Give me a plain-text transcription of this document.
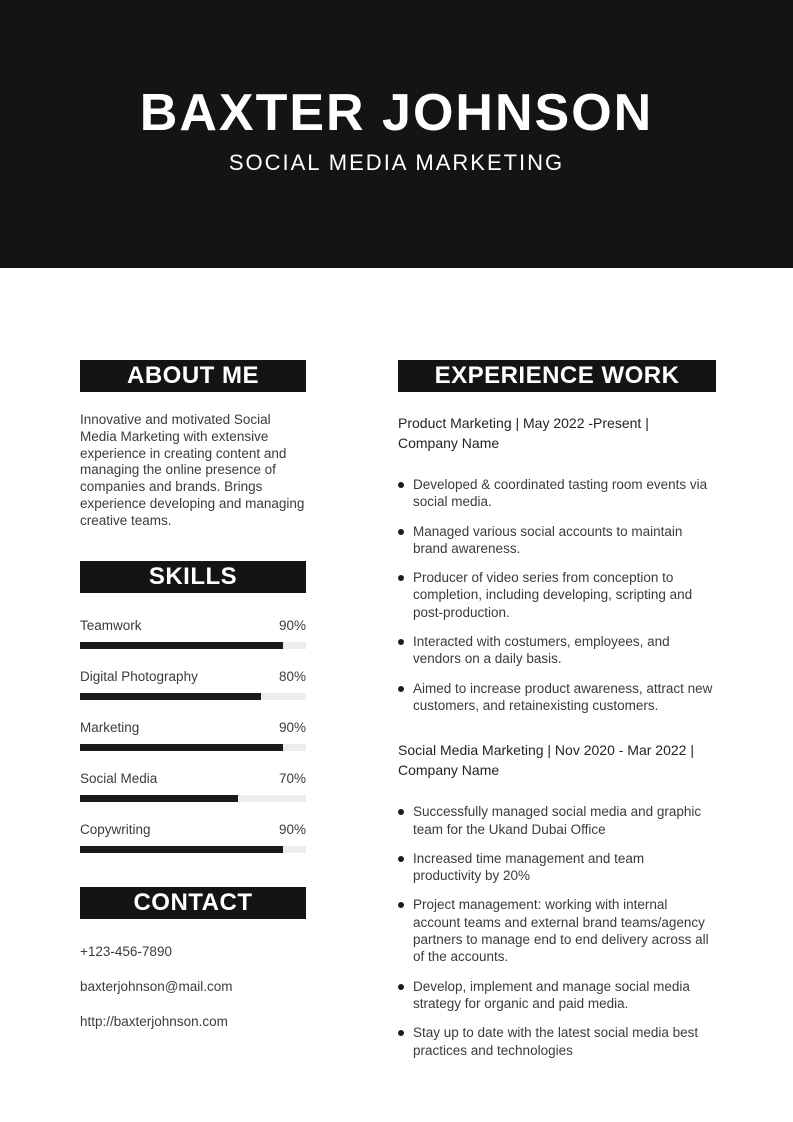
BAXTER JOHNSON
SOCIAL MEDIA MARKETING
ABOUT ME

Innovative and motivated Social Media Marketing with extensive experience in creating content and managing the online presence of companies and brands. Brings experience developing and managing creative teams.

SKILLS
Teamwork	90%
Digital Photography	80%
Marketing	90%
Social Media	70%
Copywriting	90%
CONTACT
+123-456-7890
baxterjohnson@mail.com
http://baxterjohnson.com
EXPERIENCE WORK
Product Marketing | May 2022 -Present |
Company Name
Developed & coordinated tasting room events via social media.
Managed various social accounts to maintain brand awareness.
Producer of video series from conception to completion, including developing, scripting and post-production.
Interacted with costumers, employees, and vendors on a daily basis.
Aimed to increase product awareness, attract new customers, and retainexisting customers.
Social Media Marketing | Nov 2020 - Mar 2022 |
Company Name
Successfully managed social media and graphic team for the Ukand Dubai Office
Increased time management and team productivity by 20%
Project management: working with internal account teams and external brand teams/agency partners to manage end to end delivery across all of the accounts.
Develop, implement and manage social media strategy for organic and paid media.
Stay up to date with the latest social media best practices and technologies
